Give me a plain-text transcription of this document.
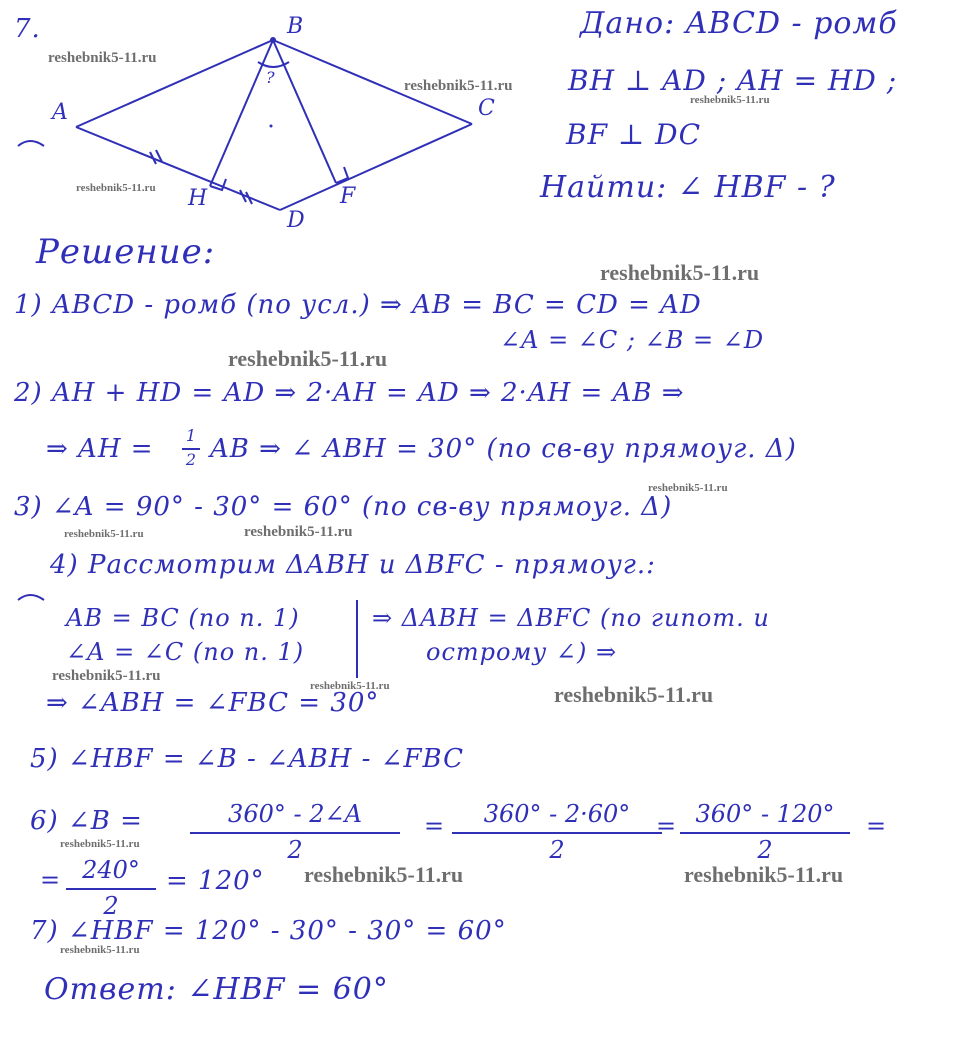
7.
A
B
C
D
H	F
?
Дано: ABCD - ромб
BH ⊥ AD ; AH = HD ;
BF ⊥ DC
Найти: ∠ HBF - ?
Решение:
1) ABCD - ромб (по усл.) ⇒ AB = BC = CD = AD
∠A = ∠C ; ∠B = ∠D
2) AH + HD = AD ⇒ 2·AH = AD ⇒ 2·AH = AB ⇒
⇒ AH = 1
2 AB ⇒ ∠ ABH = 30° (по св-ву прямоуг. Δ)
3) ∠A = 90° - 30° = 60° (по св-ву прямоуг. Δ)
4) Рассмотрим ΔABH и ΔBFC - прямоуг.:
AB = BC (по п. 1)
∠A = ∠C (по п. 1)
⇒ ΔABH = ΔBFC (по гипот. и
острому ∠) ⇒
⇒ ∠ABH = ∠FBC = 30°
5) ∠HBF = ∠B - ∠ABH - ∠FBC
6) ∠B =	360° - 2∠A
2
=	360° - 2·60°
2
= 360° - 120°
2
=
= 240°
2
= 120°
7) ∠HBF = 120° - 30° - 30° = 60°
Ответ: ∠HBF = 60°
reshebnik5-11.ru
reshebnik5-11.ru
reshebnik5-11.ru
reshebnik5-11.ru
reshebnik5-11.ru
reshebnik5-11.ru
reshebnik5-11.ru
reshebnik5-11.ru	reshebnik5-11.ru
reshebnik5-11.ru
reshebnik5-11.ru	reshebnik5-11.ru
reshebnik5-11.ru
reshebnik5-11.ru	reshebnik5-11.ru
reshebnik5-11.ru
